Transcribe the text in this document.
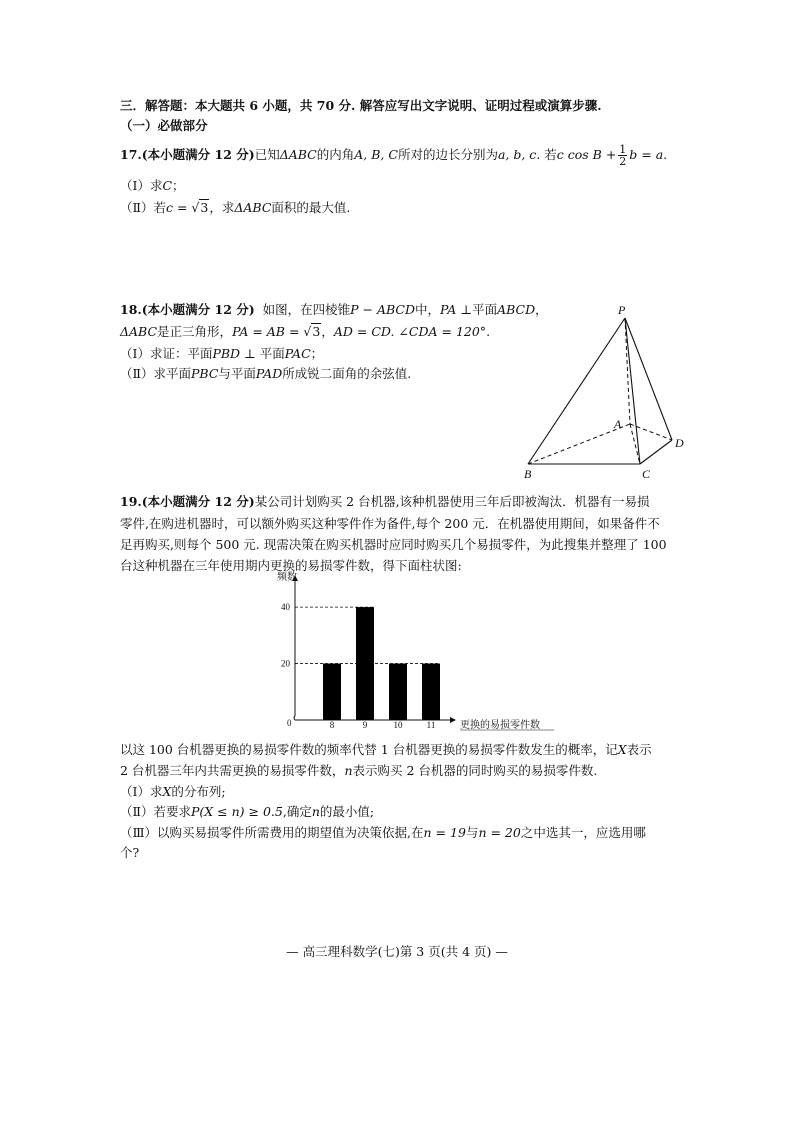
三．解答题：本大题共 6 小题，共 70 分. 解答应写出文字说明、证明过程或演算步骤.
（一）必做部分
17.(本小题满分 12 分)已知ΔABC的内角A, B, C所对的边长分别为a, b, c. 若c $\cos B + \frac{1}{2}$ b = a.
（Ⅰ）求C；
（Ⅱ）若c = √3，求ΔABC面积的最大值.
18.(本小题满分 12 分) 如图，在四棱锥P − ABCD中，PA ⊥平面ABCD，
ΔABC是正三角形，PA = AB = √3，AD = CD. ∠CDA = 120°.
（Ⅰ）求证：平面PBD ⊥ 平面PAC；
（Ⅱ）求平面PBC与平面PAD所成锐二面角的余弦值.
P
A
B	C
D
19.(本小题满分 12 分)某公司计划购买 2 台机器,该种机器使用三年后即被淘汰．机器有一易损
零件,在购进机器时，可以额外购买这种零件作为备件,每个 200 元．在机器使用期间，如果备件不
足再购买,则每个 500 元. 现需决策在购买机器时应同时购买几个易损零件，为此搜集并整理了 100
台这种机器在三年使用期内更换的易损零件数，得下面柱状图:
频数
0
20
40
8	9	10	11 更换的易损零件数
以这 100 台机器更换的易损零件数的频率代替 1 台机器更换的易损零件数发生的概率，记X表示
2 台机器三年内共需更换的易损零件数，n表示购买 2 台机器的同时购买的易损零件数.
（Ⅰ）求X的分布列;
（Ⅱ）若要求P(X ≤ n) ≥ 0.5,确定n的最小值;
（Ⅲ）以购买易损零件所需费用的期望值为决策依据,在n = 19与n = 20之中选其一，应选用哪
个?
— 高三理科数学(七)第 3 页(共 4 页) —
